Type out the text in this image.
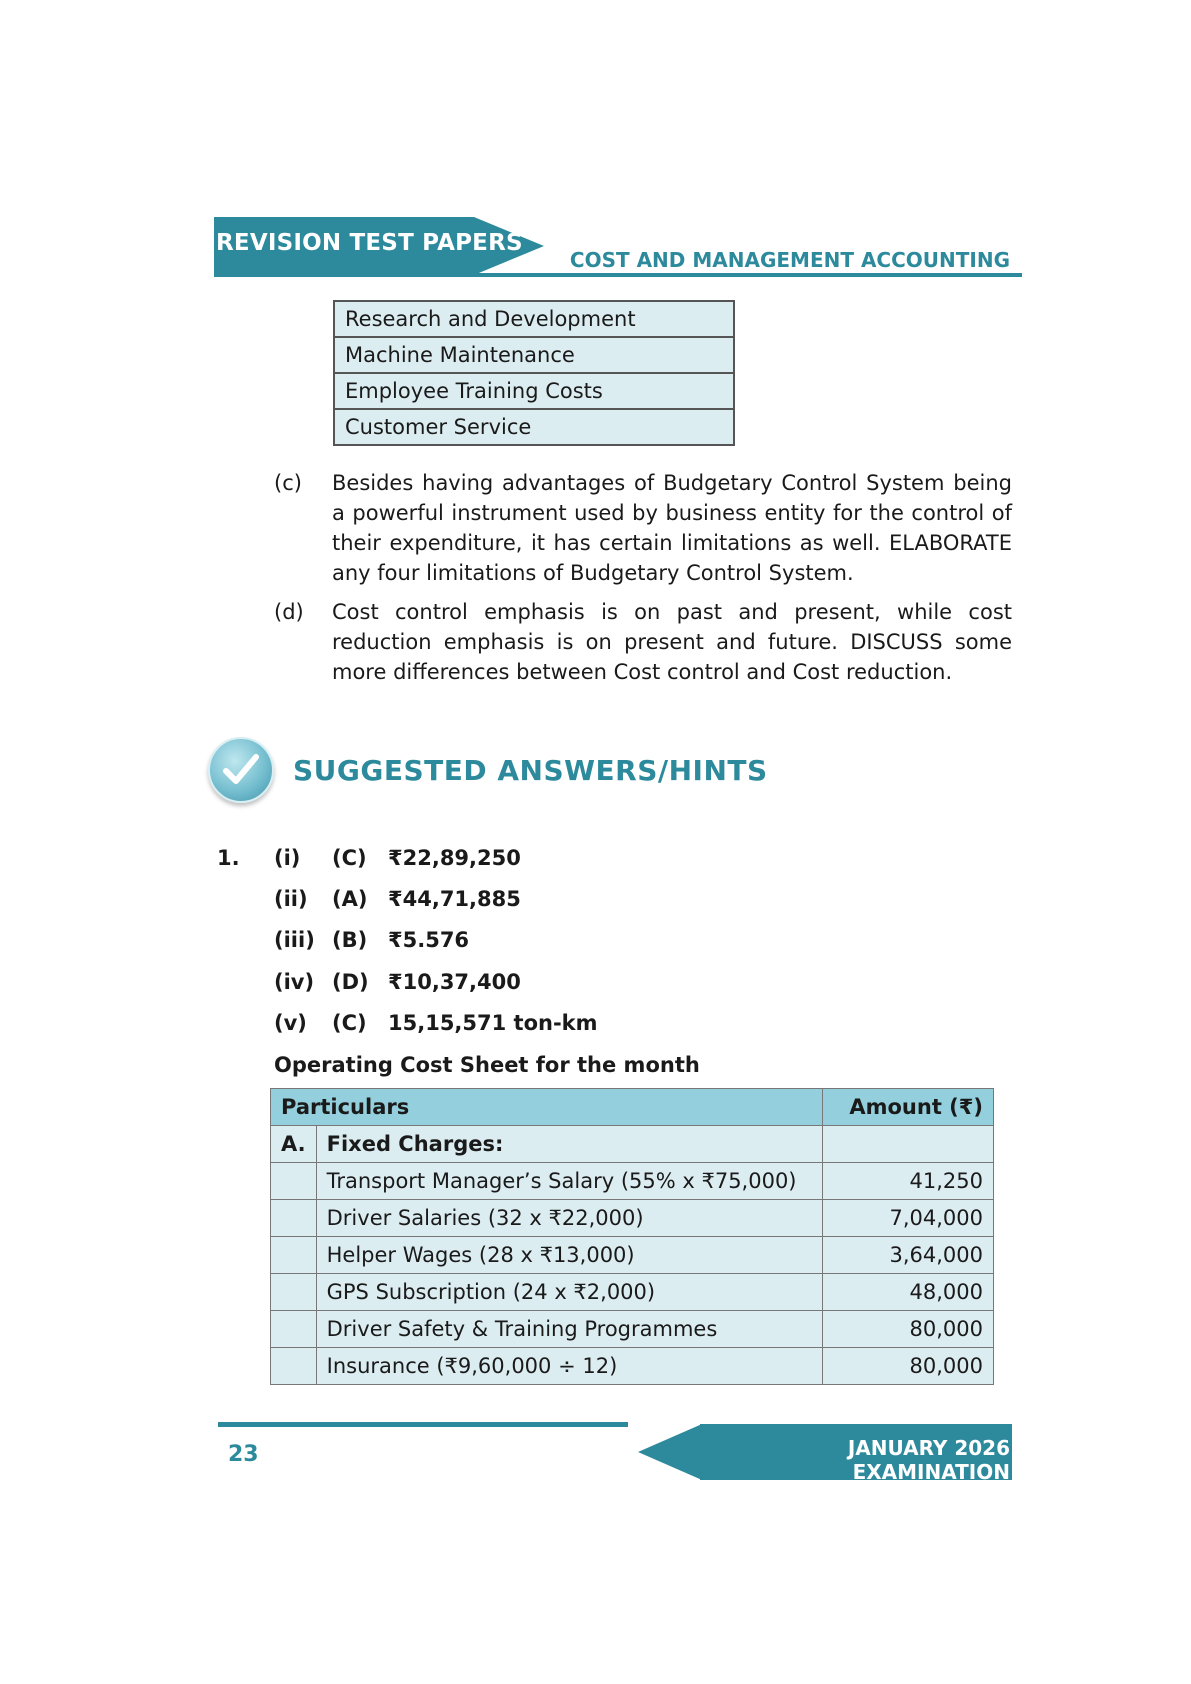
REVISION TEST PAPERS
COST AND MANAGEMENT ACCOUNTING
Research and Development
Machine Maintenance
Employee Training Costs
Customer Service
(c)	Besides having advantages of Budgetary Control System being a powerful instrument used by business entity for the control of their expenditure, it has certain limitations as well. ELABORATE any four limitations of Budgetary Control System.
(d)	Cost control emphasis is on past and present, while cost reduction emphasis is on present and future. DISCUSS some more differences between Cost control and Cost reduction.
SUGGESTED ANSWERS/HINTS
1. (i)	(C)	₹22,89,250
(ii)	(A) ₹44,71,885
(iii) (B) ₹5.576
(iv) (D) ₹10,37,400
(v)	(C)	15,15,571 ton-km
Operating Cost Sheet for the month
Particulars		Amount (₹)
A.	Fixed Charges:	
	Transport Manager’s Salary (55% x ₹75,000)	41,250
	Driver Salaries (32 x ₹22,000)	7,04,000
	Helper Wages (28 x ₹13,000)	3,64,000
	GPS Subscription (24 x ₹2,000)	48,000
	Driver Safety & Training Programmes	80,000
	Insurance (₹9,60,000 ÷ 12)	80,000
JANUARY 2026 EXAMINATION
23
